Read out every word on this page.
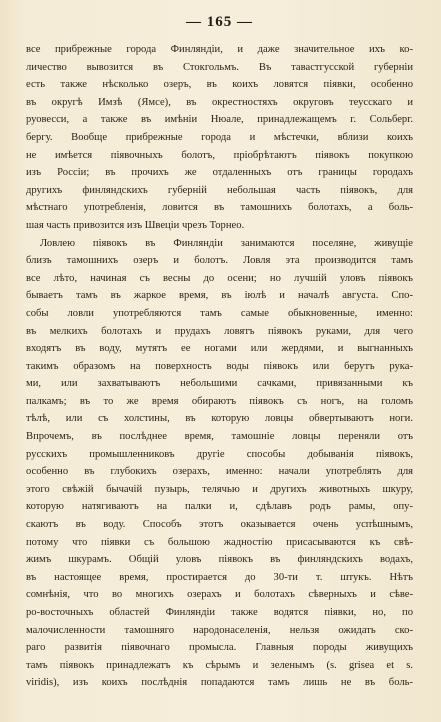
— 165 —
все прибрежные города Финляндiи, и даже значительное ихъ ко-
личество вывозится въ Стокгольмъ. Въ тавастгусской губернiи
есть также нѣсколько озеръ, въ коихъ ловятся піявки, особенно
въ округѣ Имзѣ (Ямсе), въ окрестностяхъ округовъ теусскаго и
руовесси, а также въ имѣнiи Нюале, принадлежащемъ г. Сольберг.
бергу. Вообще прибрежные города и мѣстечки, вблизи коихъ
не имѣется піявочныхъ болотъ, пріобрѣтаютъ піявокъ покупкою
изъ Россiи; въ прочихъ же отдаленныхъ отъ границы городахъ
другихъ финляндскихъ губерній небольшая часть піявокъ, для
мѣстнаго употребленія, ловится въ тамошнихъ болотахъ, а боль-
шая часть привозится изъ Швецiи чрезъ Торнео.
Ловлею піявокъ въ Финляндiи занимаются поселяне, живущіе
близъ тамошнихъ озеръ и болотъ. Ловля эта производится тамъ
все лѣто, начиная съ весны до осени; но лучшій уловъ піявокъ
бываетъ тамъ въ жаркое время, въ іюлѣ и началѣ августа. Спо-
собы ловли употребляются тамъ самые обыкновенные, именно:
въ мелкихъ болотахъ и прудахъ ловятъ піявокъ руками, для чего
входятъ въ воду, мутятъ ее ногами или жердями, и выгнанныхъ
такимъ образомъ на поверхность воды піявокъ или берутъ рука-
ми, или захватываютъ небольшими сачками, привязанными къ
палкамъ; въ то же время обираютъ піявокъ съ ногъ, на голомъ
тѣлѣ, или съ холстины, въ которую ловцы обвертываютъ ноги.
Впрочемъ, въ послѣднее время, тамошніе ловцы переняли отъ
русскихъ промышленниковъ другіе способы добыванія піявокъ,
особенно въ глубокихъ озерахъ, именно: начали употреблять для
этого свѣжій бычачій пузырь, телячью и другихъ животныхъ шкуру,
которую натягиваютъ на палки и, сдѣлавъ родъ рамы, опу-
скаютъ въ воду. Способъ этотъ оказывается очень успѣшнымъ,
потому что піявки съ большою жадностію присасываются къ свѣ-
жимъ шкурамъ. Общій уловъ піявокъ въ финляндскихъ водахъ,
въ настоящее время, простирается до 30-ти т. штукъ. Нѣтъ
сомнѣнія, что во многихъ озерахъ и болотахъ сѣверныхъ и сѣве-
ро-восточныхъ областей Финляндіи также водятся піявки, но, по
малочисленности тамошняго народонаселенія, нельзя ожидать ско-
раго развитія піявочнаго промысла. Главныя породы живущихъ
тамъ піявокъ принадлежатъ къ сѣрымъ и зеленымъ (s. grisea et s.
viridis), изъ коихъ послѣднія попадаются тамъ лишь не въ боль-
